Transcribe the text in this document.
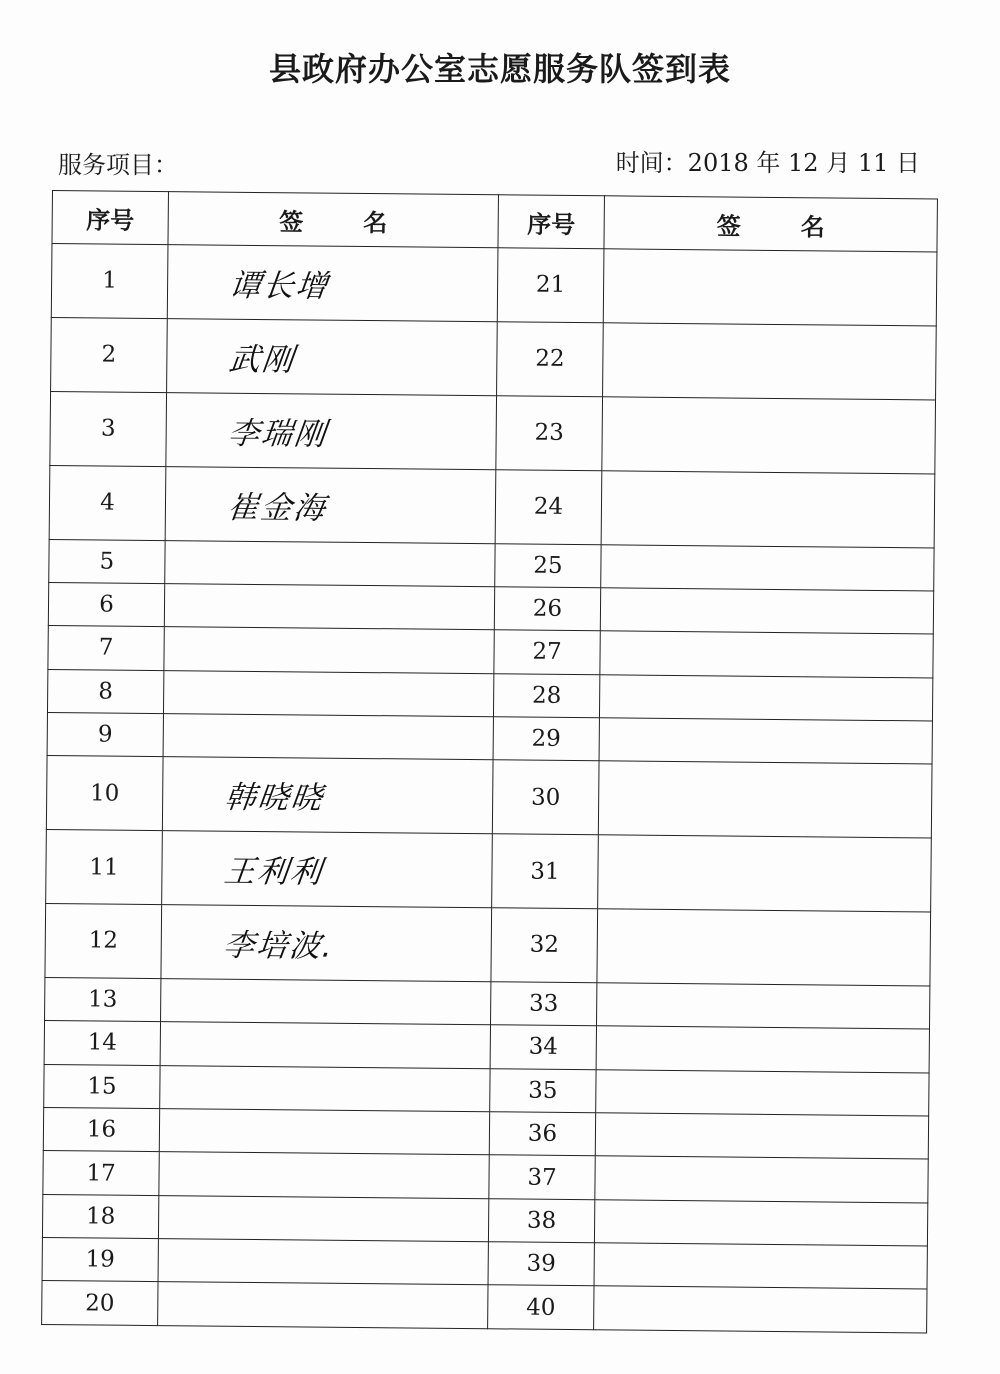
县政府办公室志愿服务队签到表
服务项目：	时间：2018 年 12 月 11 日
序号	签名	序号	签名
1	谭长增	21	
2	武刚	22	
3	李瑞刚	23	
4	崔金海	24	
5		25	
6		26	
7		27	
8		28	
9		29	
10	韩晓晓	30	
11	王利利	31	
12	李培波.	32	
13		33	
14		34	
15		35	
16		36	
17		37	
18		38	
19		39	
20		40	
